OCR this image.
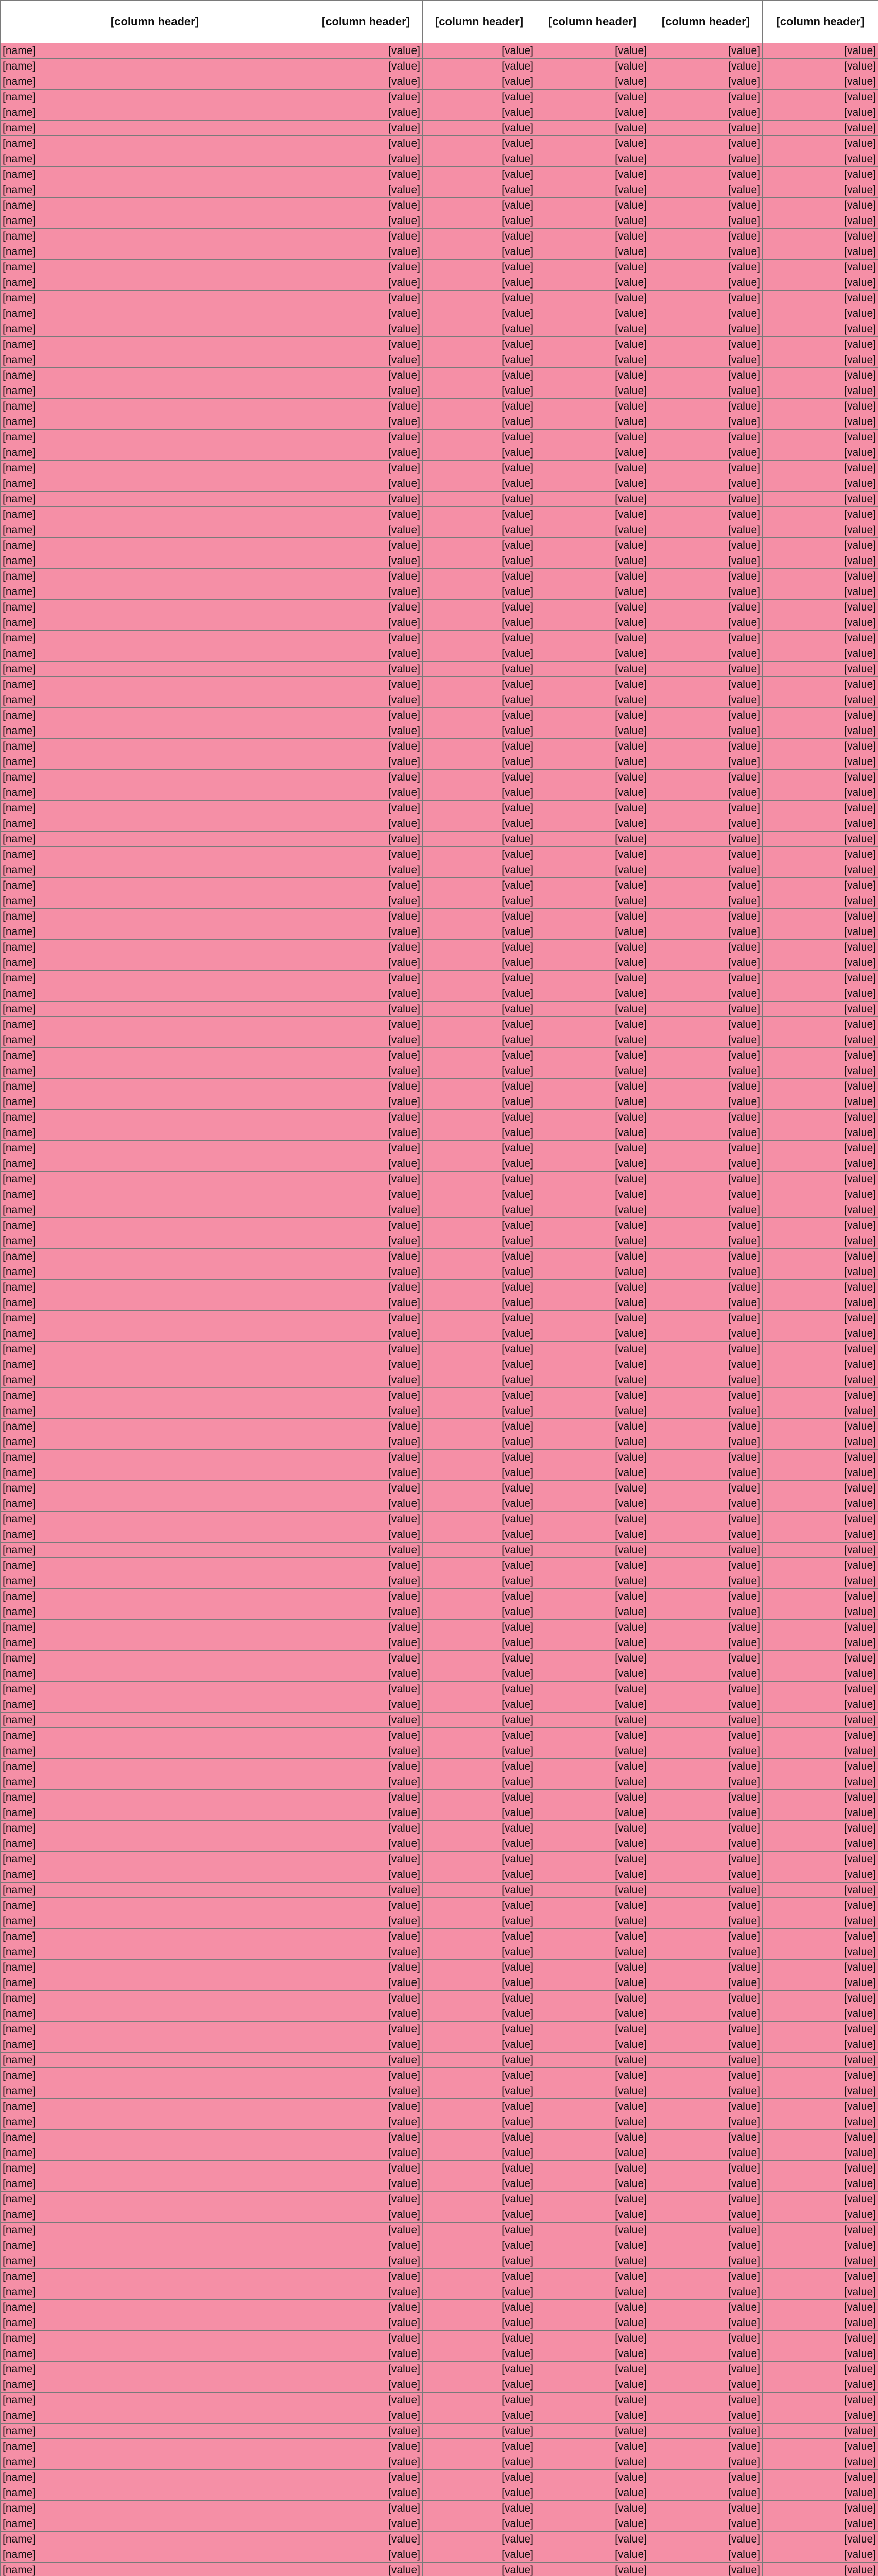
[column header]	[column header]	[column header]	[column header]	[column header]	[column header]
[name]	[value]	[value]	[value]	[value]	[value]
[name]	[value]	[value]	[value]	[value]	[value]
[name]	[value]	[value]	[value]	[value]	[value]
[name]	[value]	[value]	[value]	[value]	[value]
[name]	[value]	[value]	[value]	[value]	[value]
[name]	[value]	[value]	[value]	[value]	[value]
[name]	[value]	[value]	[value]	[value]	[value]
[name]	[value]	[value]	[value]	[value]	[value]
[name]	[value]	[value]	[value]	[value]	[value]
[name]	[value]	[value]	[value]	[value]	[value]
[name]	[value]	[value]	[value]	[value]	[value]
[name]	[value]	[value]	[value]	[value]	[value]
[name]	[value]	[value]	[value]	[value]	[value]
[name]	[value]	[value]	[value]	[value]	[value]
[name]	[value]	[value]	[value]	[value]	[value]
[name]	[value]	[value]	[value]	[value]	[value]
[name]	[value]	[value]	[value]	[value]	[value]
[name]	[value]	[value]	[value]	[value]	[value]
[name]	[value]	[value]	[value]	[value]	[value]
[name]	[value]	[value]	[value]	[value]	[value]
[name]	[value]	[value]	[value]	[value]	[value]
[name]	[value]	[value]	[value]	[value]	[value]
[name]	[value]	[value]	[value]	[value]	[value]
[name]	[value]	[value]	[value]	[value]	[value]
[name]	[value]	[value]	[value]	[value]	[value]
[name]	[value]	[value]	[value]	[value]	[value]
[name]	[value]	[value]	[value]	[value]	[value]
[name]	[value]	[value]	[value]	[value]	[value]
[name]	[value]	[value]	[value]	[value]	[value]
[name]	[value]	[value]	[value]	[value]	[value]
[name]	[value]	[value]	[value]	[value]	[value]
[name]	[value]	[value]	[value]	[value]	[value]
[name]	[value]	[value]	[value]	[value]	[value]
[name]	[value]	[value]	[value]	[value]	[value]
[name]	[value]	[value]	[value]	[value]	[value]
[name]	[value]	[value]	[value]	[value]	[value]
[name]	[value]	[value]	[value]	[value]	[value]
[name]	[value]	[value]	[value]	[value]	[value]
[name]	[value]	[value]	[value]	[value]	[value]
[name]	[value]	[value]	[value]	[value]	[value]
[name]	[value]	[value]	[value]	[value]	[value]
[name]	[value]	[value]	[value]	[value]	[value]
[name]	[value]	[value]	[value]	[value]	[value]
[name]	[value]	[value]	[value]	[value]	[value]
[name]	[value]	[value]	[value]	[value]	[value]
[name]	[value]	[value]	[value]	[value]	[value]
[name]	[value]	[value]	[value]	[value]	[value]
[name]	[value]	[value]	[value]	[value]	[value]
[name]	[value]	[value]	[value]	[value]	[value]
[name]	[value]	[value]	[value]	[value]	[value]
[name]	[value]	[value]	[value]	[value]	[value]
[name]	[value]	[value]	[value]	[value]	[value]
[name]	[value]	[value]	[value]	[value]	[value]
[name]	[value]	[value]	[value]	[value]	[value]
[name]	[value]	[value]	[value]	[value]	[value]
[name]	[value]	[value]	[value]	[value]	[value]
[name]	[value]	[value]	[value]	[value]	[value]
[name]	[value]	[value]	[value]	[value]	[value]
[name]	[value]	[value]	[value]	[value]	[value]
[name]	[value]	[value]	[value]	[value]	[value]
[name]	[value]	[value]	[value]	[value]	[value]
[name]	[value]	[value]	[value]	[value]	[value]
[name]	[value]	[value]	[value]	[value]	[value]
[name]	[value]	[value]	[value]	[value]	[value]
[name]	[value]	[value]	[value]	[value]	[value]
[name]	[value]	[value]	[value]	[value]	[value]
[name]	[value]	[value]	[value]	[value]	[value]
[name]	[value]	[value]	[value]	[value]	[value]
[name]	[value]	[value]	[value]	[value]	[value]
[name]	[value]	[value]	[value]	[value]	[value]
[name]	[value]	[value]	[value]	[value]	[value]
[name]	[value]	[value]	[value]	[value]	[value]
[name]	[value]	[value]	[value]	[value]	[value]
[name]	[value]	[value]	[value]	[value]	[value]
[name]	[value]	[value]	[value]	[value]	[value]
[name]	[value]	[value]	[value]	[value]	[value]
[name]	[value]	[value]	[value]	[value]	[value]
[name]	[value]	[value]	[value]	[value]	[value]
[name]	[value]	[value]	[value]	[value]	[value]
[name]	[value]	[value]	[value]	[value]	[value]
[name]	[value]	[value]	[value]	[value]	[value]
[name]	[value]	[value]	[value]	[value]	[value]
[name]	[value]	[value]	[value]	[value]	[value]
[name]	[value]	[value]	[value]	[value]	[value]
[name]	[value]	[value]	[value]	[value]	[value]
[name]	[value]	[value]	[value]	[value]	[value]
[name]	[value]	[value]	[value]	[value]	[value]
[name]	[value]	[value]	[value]	[value]	[value]
[name]	[value]	[value]	[value]	[value]	[value]
[name]	[value]	[value]	[value]	[value]	[value]
[name]	[value]	[value]	[value]	[value]	[value]
[name]	[value]	[value]	[value]	[value]	[value]
[name]	[value]	[value]	[value]	[value]	[value]
[name]	[value]	[value]	[value]	[value]	[value]
[name]	[value]	[value]	[value]	[value]	[value]
[name]	[value]	[value]	[value]	[value]	[value]
[name]	[value]	[value]	[value]	[value]	[value]
[name]	[value]	[value]	[value]	[value]	[value]
[name]	[value]	[value]	[value]	[value]	[value]
[name]	[value]	[value]	[value]	[value]	[value]
[name]	[value]	[value]	[value]	[value]	[value]
[name]	[value]	[value]	[value]	[value]	[value]
[name]	[value]	[value]	[value]	[value]	[value]
[name]	[value]	[value]	[value]	[value]	[value]
[name]	[value]	[value]	[value]	[value]	[value]
[name]	[value]	[value]	[value]	[value]	[value]
[name]	[value]	[value]	[value]	[value]	[value]
[name]	[value]	[value]	[value]	[value]	[value]
[name]	[value]	[value]	[value]	[value]	[value]
[name]	[value]	[value]	[value]	[value]	[value]
[name]	[value]	[value]	[value]	[value]	[value]
[name]	[value]	[value]	[value]	[value]	[value]
[name]	[value]	[value]	[value]	[value]	[value]
[name]	[value]	[value]	[value]	[value]	[value]
[name]	[value]	[value]	[value]	[value]	[value]
[name]	[value]	[value]	[value]	[value]	[value]
[name]	[value]	[value]	[value]	[value]	[value]
[name]	[value]	[value]	[value]	[value]	[value]
[name]	[value]	[value]	[value]	[value]	[value]
[name]	[value]	[value]	[value]	[value]	[value]
[name]	[value]	[value]	[value]	[value]	[value]
[name]	[value]	[value]	[value]	[value]	[value]
[name]	[value]	[value]	[value]	[value]	[value]
[name]	[value]	[value]	[value]	[value]	[value]
[name]	[value]	[value]	[value]	[value]	[value]
[name]	[value]	[value]	[value]	[value]	[value]
[name]	[value]	[value]	[value]	[value]	[value]
[name]	[value]	[value]	[value]	[value]	[value]
[name]	[value]	[value]	[value]	[value]	[value]
[name]	[value]	[value]	[value]	[value]	[value]
[name]	[value]	[value]	[value]	[value]	[value]
[name]	[value]	[value]	[value]	[value]	[value]
[name]	[value]	[value]	[value]	[value]	[value]
[name]	[value]	[value]	[value]	[value]	[value]
[name]	[value]	[value]	[value]	[value]	[value]
[name]	[value]	[value]	[value]	[value]	[value]
[name]	[value]	[value]	[value]	[value]	[value]
[name]	[value]	[value]	[value]	[value]	[value]
[name]	[value]	[value]	[value]	[value]	[value]
[name]	[value]	[value]	[value]	[value]	[value]
[name]	[value]	[value]	[value]	[value]	[value]
[name]	[value]	[value]	[value]	[value]	[value]
[name]	[value]	[value]	[value]	[value]	[value]
[name]	[value]	[value]	[value]	[value]	[value]
[name]	[value]	[value]	[value]	[value]	[value]
[name]	[value]	[value]	[value]	[value]	[value]
[name]	[value]	[value]	[value]	[value]	[value]
[name]	[value]	[value]	[value]	[value]	[value]
[name]	[value]	[value]	[value]	[value]	[value]
[name]	[value]	[value]	[value]	[value]	[value]
[name]	[value]	[value]	[value]	[value]	[value]
[name]	[value]	[value]	[value]	[value]	[value]
[name]	[value]	[value]	[value]	[value]	[value]
[name]	[value]	[value]	[value]	[value]	[value]
[name]	[value]	[value]	[value]	[value]	[value]
[name]	[value]	[value]	[value]	[value]	[value]
[name]	[value]	[value]	[value]	[value]	[value]
[name]	[value]	[value]	[value]	[value]	[value]
[name]	[value]	[value]	[value]	[value]	[value]
[name]	[value]	[value]	[value]	[value]	[value]
[name]	[value]	[value]	[value]	[value]	[value]
[name]	[value]	[value]	[value]	[value]	[value]
[name]	[value]	[value]	[value]	[value]	[value]
[name]	[value]	[value]	[value]	[value]	[value]
